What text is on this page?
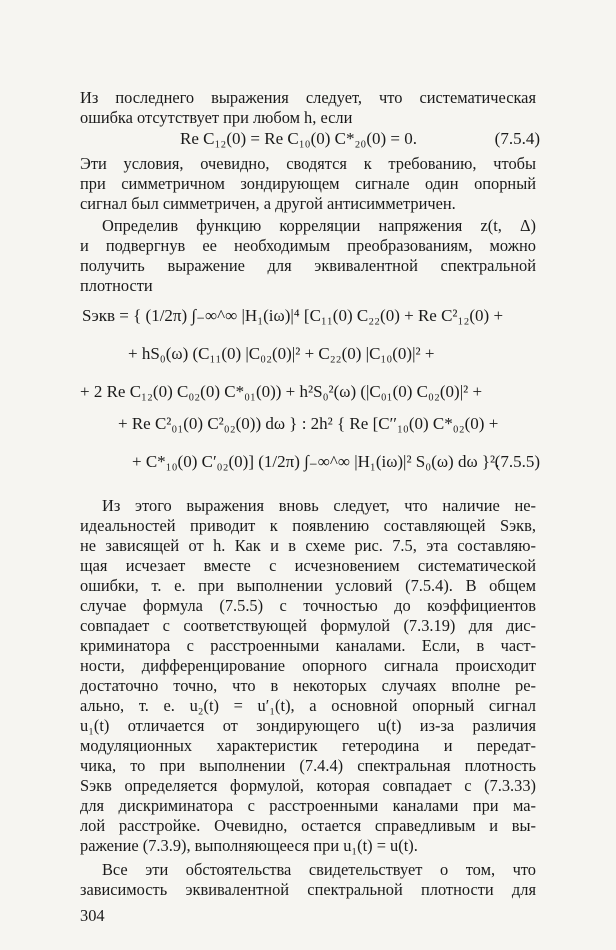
Из последнего выражения следует, что систематическая
ошибка отсутствует при любом h, если
Re C₁₂(0) = Re C₁₀(0) C*₂₀(0) = 0.	(7.5.4)
Эти условия, очевидно, сводятся к требованию, чтобы
при симметричном зондирующем сигнале один опорный
сигнал был симметричен, а другой антисимметричен.
Определив функцию корреляции напряжения z(t, Δ)
и подвергнув ее необходимым преобразованиям, можно
получить выражение для эквивалентной спектральной
плотности
Sэкв = { (1/2π) ∫₋∞^∞ |H₁(iω)|⁴ [C₁₁(0) C₂₂(0) + Re C²₁₂(0) +
+ hS₀(ω) (C₁₁(0) |C₀₂(0)|² + C₂₂(0) |C₁₀(0)|² +
+ 2 Re C₁₂(0) C₀₂(0) C*₀₁(0)) + h²S₀²(ω) (|C₀₁(0) C₀₂(0)|² +
+ Re C²₀₁(0) C²₀₂(0)) dω } : 2h² { Re [C′′₁₀(0) C*₀₂(0) +
+ C*₁₀(0) C′₀₂(0)] (1/2π) ∫₋∞^∞ |H₁(iω)|² S₀(ω) dω }².
(7.5.5)
Из этого выражения вновь следует, что наличие не-
идеальностей приводит к появлению составляющей Sэкв,
не зависящей от h. Как и в схеме рис. 7.5, эта составляю-
щая исчезает вместе с исчезновением систематической
ошибки, т. е. при выполнении условий (7.5.4). В общем
случае формула (7.5.5) с точностью до коэффициентов
совпадает с соответствующей формулой (7.3.19) для дис-
криминатора с расстроенными каналами. Если, в част-
ности, дифференцирование опорного сигнала происходит
достаточно точно, что в некоторых случаях вполне ре-
ально, т. е. u₂(t) = u′₁(t), а основной опорный сигнал
u₁(t) отличается от зондирующего u(t) из-за различия
модуляционных характеристик гетеродина и передат-
чика, то при выполнении (7.4.4) спектральная плотность
Sэкв определяется формулой, которая совпадает с (7.3.33)
для дискриминатора с расстроенными каналами при ма-
лой расстройке. Очевидно, остается справедливым и вы-
ражение (7.3.9), выполняющееся при u₁(t) = u(t).
Все эти обстоятельства свидетельствует о том, что
зависимость эквивалентной спектральной плотности для
304
